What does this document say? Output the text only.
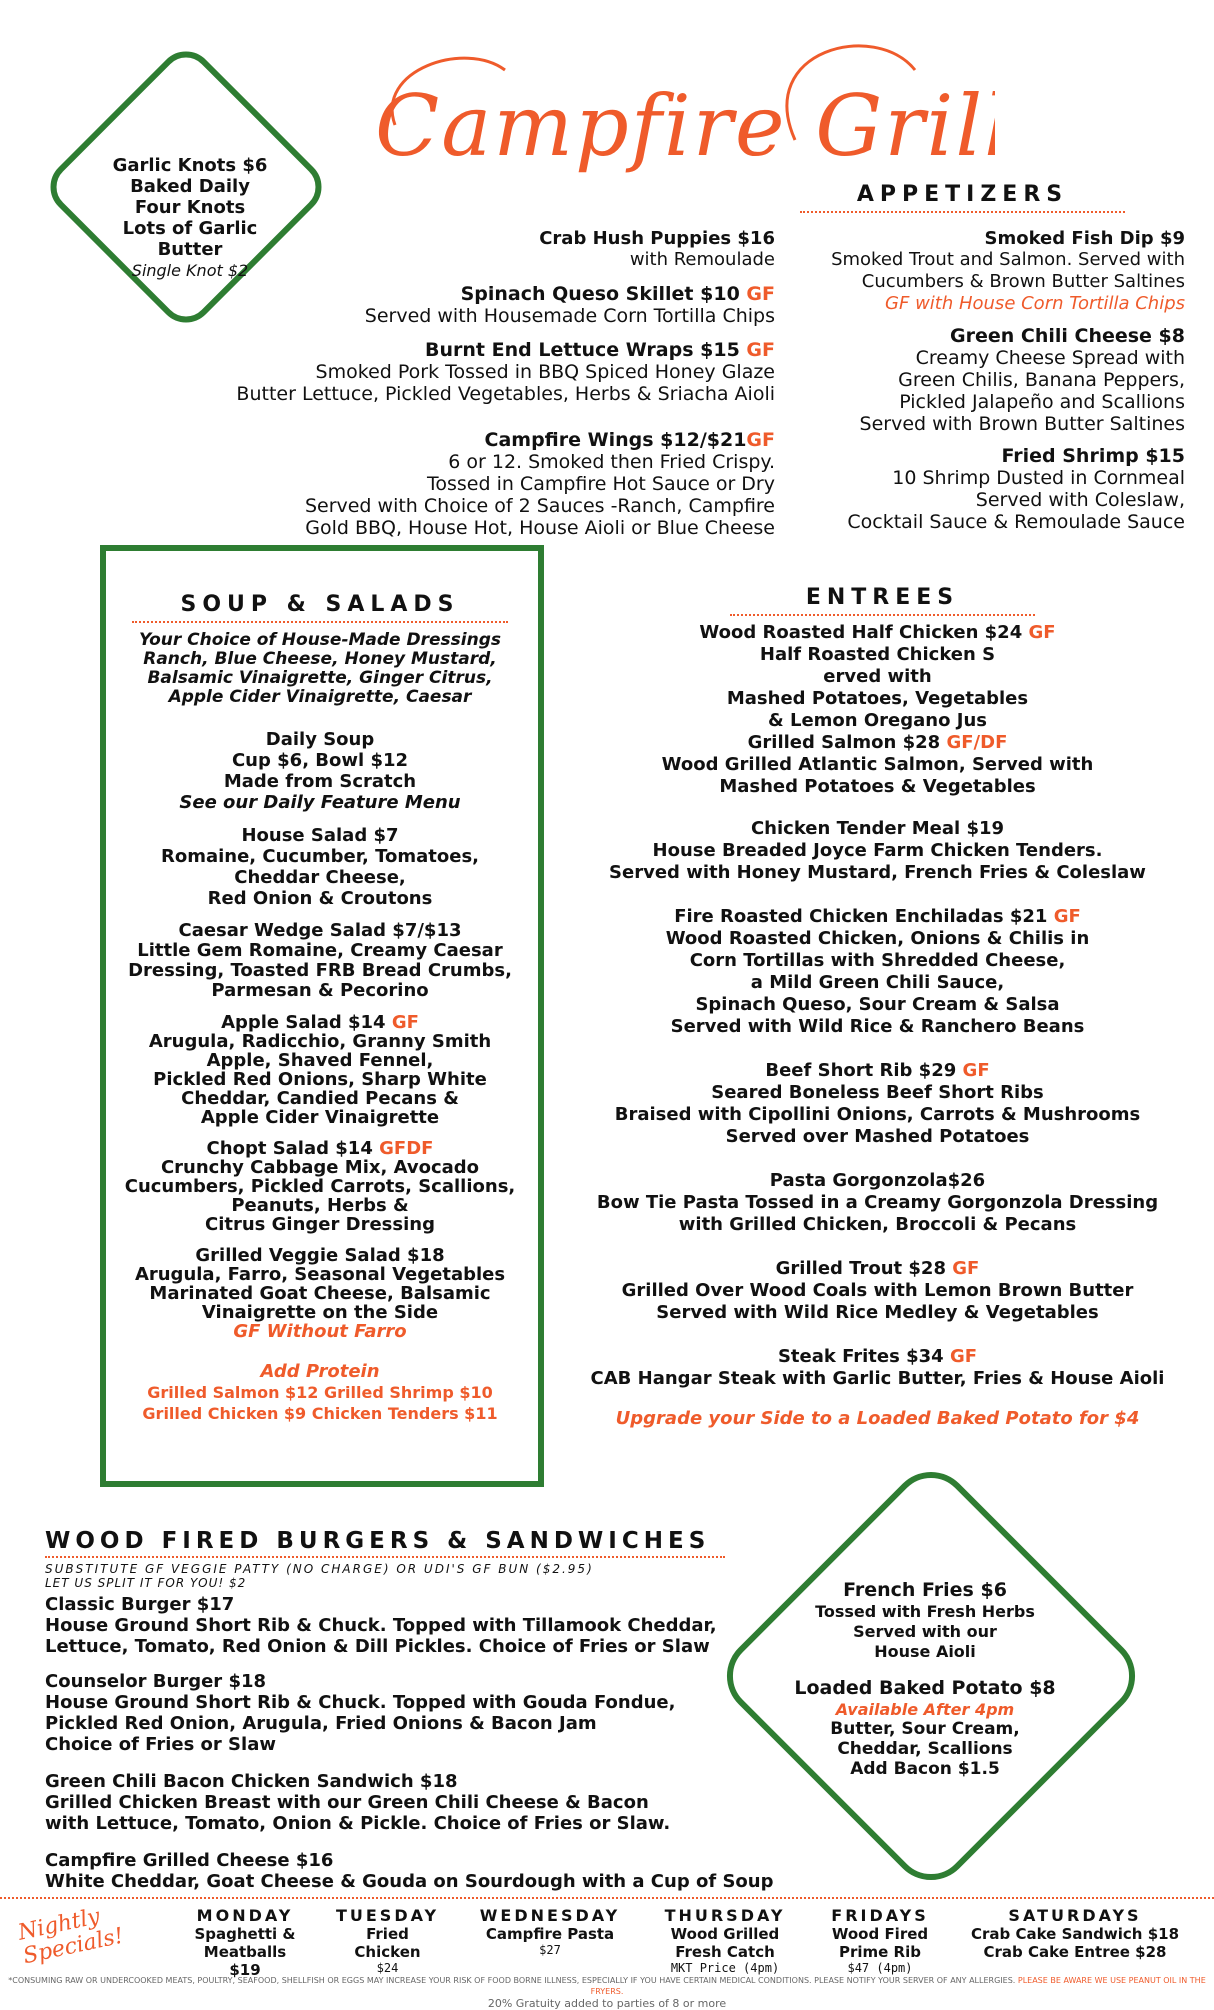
Campfire Grill
Garlic Knots $6
Baked Daily
Four Knots
Lots of Garlic
Butter
Single Knot $2
APPETIZERS
Crab Hush Puppies $16
with Remoulade
Spinach Queso Skillet $10 GF
Served with Housemade Corn Tortilla Chips
Burnt End Lettuce Wraps $15 GF
Smoked Pork Tossed in BBQ Spiced Honey Glaze
Butter Lettuce, Pickled Vegetables, Herbs & Sriacha Aioli
Campfire Wings $12/$21GF
6 or 12. Smoked then Fried Crispy.
Tossed in Campfire Hot Sauce or Dry
Served with Choice of 2 Sauces -Ranch, Campfire
Gold BBQ, House Hot, House Aioli or Blue Cheese
Smoked Fish Dip $9
Smoked Trout and Salmon. Served with
Cucumbers & Brown Butter Saltines
GF with House Corn Tortilla Chips
Green Chili Cheese $8
Creamy Cheese Spread with
Green Chilis, Banana Peppers,
Pickled Jalapeño and Scallions
Served with Brown Butter Saltines
Fried Shrimp $15
10 Shrimp Dusted in Cornmeal
Served with Coleslaw,
Cocktail Sauce & Remoulade Sauce
SOUP & SALADS
Your Choice of House-Made Dressings
Ranch, Blue Cheese, Honey Mustard,
Balsamic Vinaigrette, Ginger Citrus,
Apple Cider Vinaigrette, Caesar
Daily Soup
Cup $6, Bowl $12
Made from Scratch
See our Daily Feature Menu
House Salad $7
Romaine, Cucumber, Tomatoes,
Cheddar Cheese,
Red Onion & Croutons
Caesar Wedge Salad $7/$13
Little Gem Romaine, Creamy Caesar
Dressing, Toasted FRB Bread Crumbs,
Parmesan & Pecorino
Apple Salad $14 GF
Arugula, Radicchio, Granny Smith
Apple, Shaved Fennel,
Pickled Red Onions, Sharp White
Cheddar, Candied Pecans &
Apple Cider Vinaigrette
Chopt Salad $14 GFDF
Crunchy Cabbage Mix, Avocado
Cucumbers, Pickled Carrots, Scallions,
Peanuts, Herbs &
Citrus Ginger Dressing
Grilled Veggie Salad $18
Arugula, Farro, Seasonal Vegetables
Marinated Goat Cheese, Balsamic
Vinaigrette on the Side
GF Without Farro
Add Protein
Grilled Salmon $12 Grilled Shrimp $10
Grilled Chicken $9 Chicken Tenders $11
ENTREES
Wood Roasted Half Chicken $24 GF
Half Roasted Chicken S
erved with
Mashed Potatoes, Vegetables
& Lemon Oregano Jus
Grilled Salmon $28 GF/DF
Wood Grilled Atlantic Salmon, Served with
Mashed Potatoes & Vegetables
Chicken Tender Meal $19
House Breaded Joyce Farm Chicken Tenders.
Served with Honey Mustard, French Fries & Coleslaw
Fire Roasted Chicken Enchiladas $21 GF
Wood Roasted Chicken, Onions & Chilis in
Corn Tortillas with Shredded Cheese,
a Mild Green Chili Sauce,
Spinach Queso, Sour Cream & Salsa
Served with Wild Rice & Ranchero Beans
Beef Short Rib $29 GF
Seared Boneless Beef Short Ribs
Braised with Cipollini Onions, Carrots & Mushrooms
Served over Mashed Potatoes
Pasta Gorgonzola$26
Bow Tie Pasta Tossed in a Creamy Gorgonzola Dressing
with Grilled Chicken, Broccoli & Pecans
Grilled Trout $28 GF
Grilled Over Wood Coals with Lemon Brown Butter
Served with Wild Rice Medley & Vegetables
Steak Frites $34 GF
CAB Hangar Steak with Garlic Butter, Fries & House Aioli
Upgrade your Side to a Loaded Baked Potato for $4
WOOD FIRED BURGERS & SANDWICHES
SUBSTITUTE GF VEGGIE PATTY (NO CHARGE) OR UDI'S GF BUN ($2.95)
LET US SPLIT IT FOR YOU! $2
Classic Burger $17
House Ground Short Rib & Chuck. Topped with Tillamook Cheddar,
Lettuce, Tomato, Red Onion & Dill Pickles. Choice of Fries or Slaw
Counselor Burger $18
House Ground Short Rib & Chuck. Topped with Gouda Fondue,
Pickled Red Onion, Arugula, Fried Onions & Bacon Jam
Choice of Fries or Slaw
Green Chili Bacon Chicken Sandwich $18
Grilled Chicken Breast with our Green Chili Cheese & Bacon
with Lettuce, Tomato, Onion & Pickle. Choice of Fries or Slaw.
Campfire Grilled Cheese $16
White Cheddar, Goat Cheese & Gouda on Sourdough with a Cup of Soup
French Fries $6
Tossed with Fresh Herbs
Served with our
House Aioli
Loaded Baked Potato $8
Available After 4pm
Butter, Sour Cream,
Cheddar, Scallions
Add Bacon $1.5
Nightly Specials!
MONDAY
Spaghetti &
Meatballs
$19
TUESDAY
Fried
Chicken
$24
WEDNESDAY
Campfire Pasta
$27
THURSDAY
Wood Grilled
Fresh Catch
MKT Price (4pm)
FRIDAYS
Wood Fired
Prime Rib
$47 (4pm)
SATURDAYS
Crab Cake Sandwich $18
Crab Cake Entree $28
*CONSUMING RAW OR UNDERCOOKED MEATS, POULTRY, SEAFOOD, SHELLFISH OR EGGS MAY INCREASE YOUR RISK OF FOOD BORNE ILLNESS, ESPECIALLY IF YOU HAVE CERTAIN MEDICAL CONDITIONS. PLEASE NOTIFY YOUR SERVER OF ANY ALLERGIES. PLEASE BE AWARE WE USE PEANUT OIL IN THE FRYERS.
20% Gratuity added to parties of 8 or more
